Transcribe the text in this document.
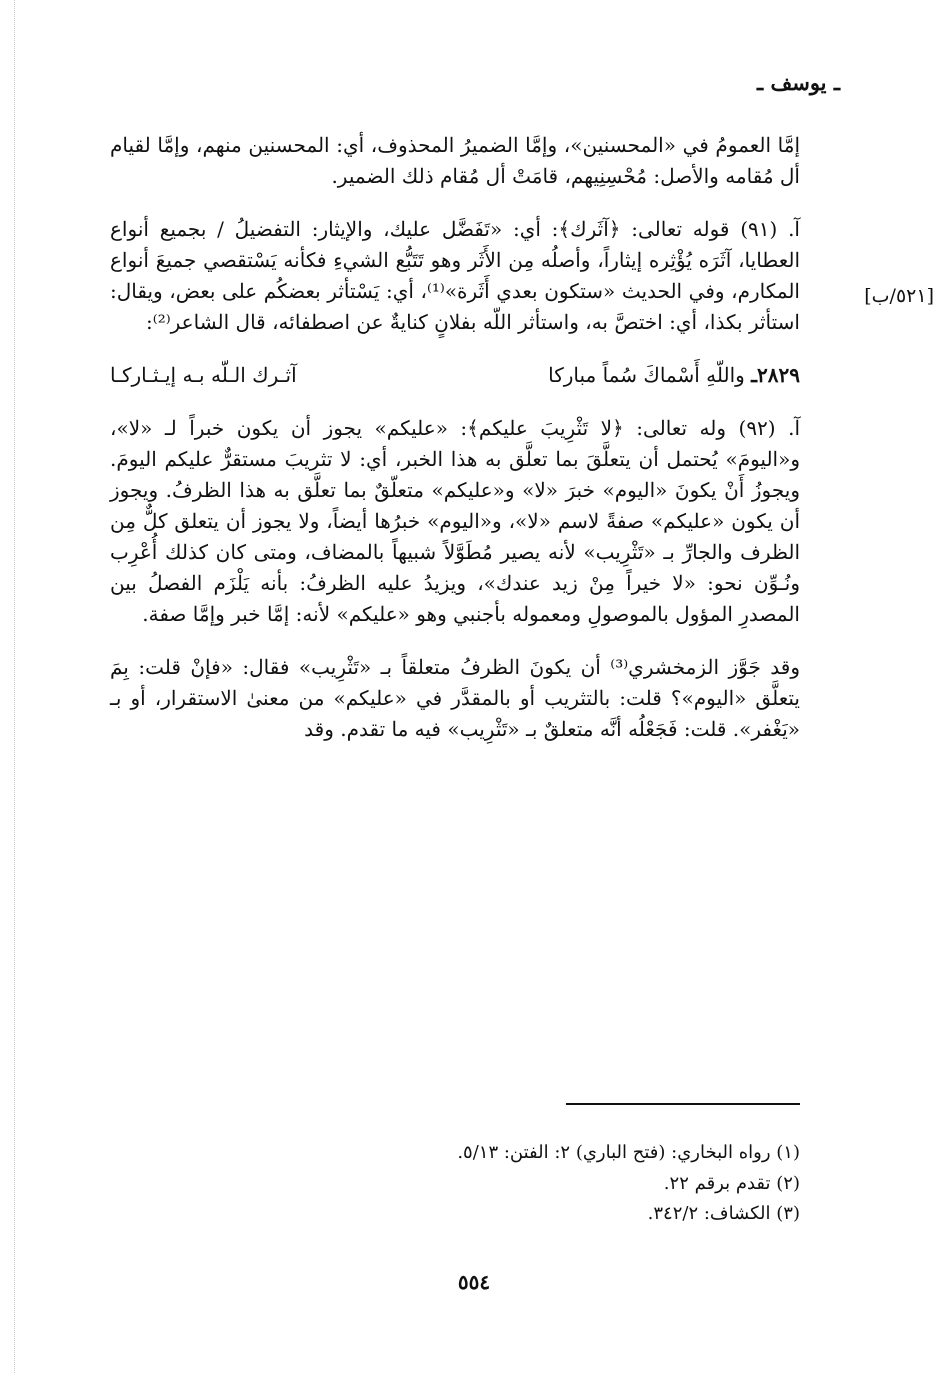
ـ يوسف ـ
[٥٢١/ب]

إمَّا العمومُ في «المحسنين»، وإمَّا الضميرُ المحذوف، أي: المحسنين منهم، وإمَّا لقيام أل مُقامه والأصل: مُحْسِنِيهم، قامَتْ أل مُقام ذلك الضمير.

آ. (٩١) قوله تعالى: ﴿آثَرك﴾: أي: «تَفَضَّل عليك، والإيثار: التفضيلُ / بجميع أنواع العطايا، آثَرَه يُؤْثِره إيثاراً، وأصلُه مِن الأَثَر وهو تَتَبُّع الشيءِ فكأنه يَسْتقصي جميعَ أنواع المكارم، وفي الحديث «ستكون بعدي أَثَرة»⁽¹⁾، أي: يَسْتأثر بعضكُم على بعض، ويقال: استأثر بكذا، أي: اختصَّ به، واستأثر اللّه بفلانٍ كنايةٌ عن اصطفائه، قال الشاعر⁽²⁾:

٢٨٢٩ـ واللّهِ أَسْماكَ سُماً مباركا
آثـرك الـلّه بـه إيـثـاركـا

آ. (٩٢) وله تعالى: ﴿لا تَثْرِيبَ عليكم﴾: «عليكم» يجوز أن يكون خبراً لـ «لا»، و«اليومَ» يُحتمل أن يتعلَّقَ بما تعلَّق به هذا الخبر، أي: لا تثريبَ مستقرٌّ عليكم اليومَ. ويجوزُ أَنْ يكونَ «اليوم» خبرَ «لا» و«عليكم» متعلّقٌ بما تعلَّق به هذا الظرفُ. ويجوز أن يكون «عليكم» صفةً لاسم «لا»، و«اليوم» خبرُها أيضاً، ولا يجوز أن يتعلق كلٌّ مِن الظرف والجارِّ بـ «تَثْرِيب» لأنه يصير مُطَوَّلاً شبيهاً بالمضاف، ومتى كان كذلك أُعْرِب ونُـوِّن نحو: «لا خيراً مِنْ زيد عندك»، ويزيدُ عليه الظرفُ: بأنه يَلْزَم الفصلُ بين المصدرِ المؤول بالموصولِ ومعموله بأجنبي وهو «عليكم» لأنه: إمَّا خبر وإمَّا صفة.

وقد جَوَّز الزمخشري⁽³⁾ أن يكونَ الظرفُ متعلقاً بـ «تَثْرِيب» فقال: «فإنْ قلت: بِمَ يتعلَّق «اليوم»؟ قلت: بالتثريب أو بالمقدَّر في «عليكم» من معنىٰ الاستقرار، أو بـ «يَغْفر». قلت: فَجَعْلُه أنَّه متعلقٌ بـ «تَثْرِيب» فيه ما تقدم. وقد

(١) رواه البخاري: (فتح الباري) ٢: الفتن: ٥/١٣.

(٢) تقدم برقم ٢٢.

(٣) الكشاف: ٣٤٢/٢.

٥٥٤
